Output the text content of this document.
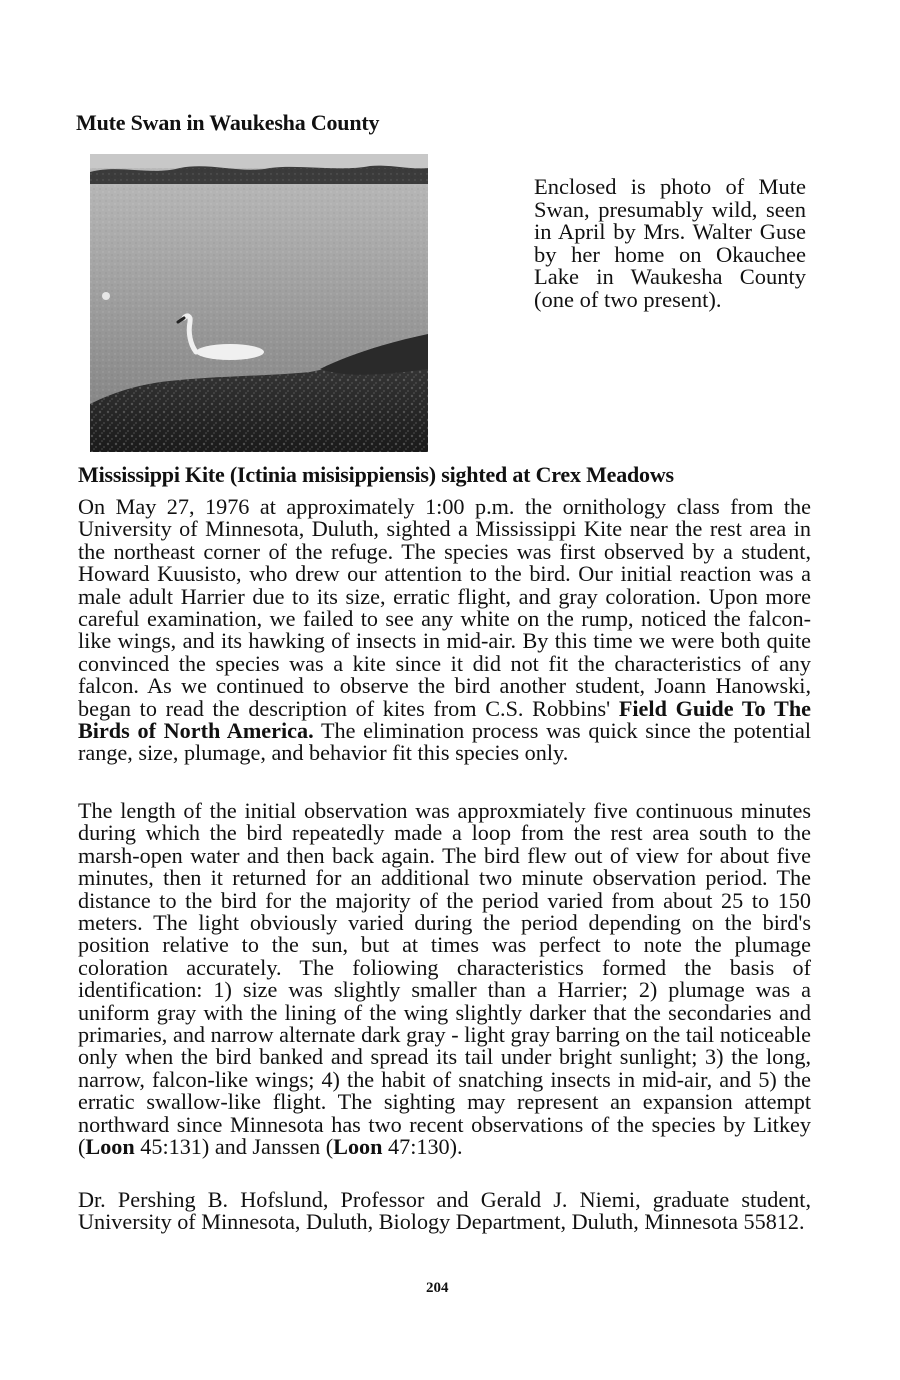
Mute Swan in Waukesha County

Enclosed is photo of Mute Swan, presumably wild, seen in April by Mrs. Walter Guse by her home on Okauchee Lake in Waukesha County (one of two present).

Mississippi Kite (Ictinia misisippiensis) sighted at Crex Meadows

On May 27, 1976 at approximately 1:00 p.m. the ornithology class from the University of Minnesota, Duluth, sighted a Mississippi Kite near the rest area in the northeast corner of the refuge. The species was first observed by a student, Howard Kuusisto, who drew our attention to the bird. Our initial reaction was a male adult Harrier due to its size, erratic flight, and gray coloration. Upon more careful examination, we failed to see any white on the rump, noticed the falcon-like wings, and its hawking of insects in mid-air. By this time we were both quite convinced the species was a kite since it did not fit the characteristics of any falcon. As we continued to observe the bird another student, Joann Hanowski, began to read the description of kites from C.S. Robbins' Field Guide To The Birds of North America. The elimination process was quick since the potential range, size, plumage, and behavior fit this species only.

The length of the initial observation was approxmiately five continuous minutes during which the bird repeatedly made a loop from the rest area south to the marsh-open water and then back again. The bird flew out of view for about five minutes, then it returned for an additional two minute observation period. The distance to the bird for the majority of the period varied from about 25 to 150 meters. The light obviously varied during the period depending on the bird's position relative to the sun, but at times was perfect to note the plumage coloration accurately. The foliowing characteristics formed the basis of identification: 1) size was slightly smaller than a Harrier; 2) plumage was a uniform gray with the lining of the wing slightly darker that the secondaries and primaries, and narrow alternate dark gray - light gray barring on the tail noticeable only when the bird banked and spread its tail under bright sunlight; 3) the long, narrow, falcon-like wings; 4) the habit of snatching insects in mid-air, and 5) the erratic swallow-like flight. The sighting may represent an expansion attempt northward since Minnesota has two recent observations of the species by Litkey (Loon 45:131) and Janssen (Loon 47:130).

Dr. Pershing B. Hofslund, Professor and Gerald J. Niemi, graduate student, University of Minnesota, Duluth, Biology Department, Duluth, Minnesota 55812.

204
